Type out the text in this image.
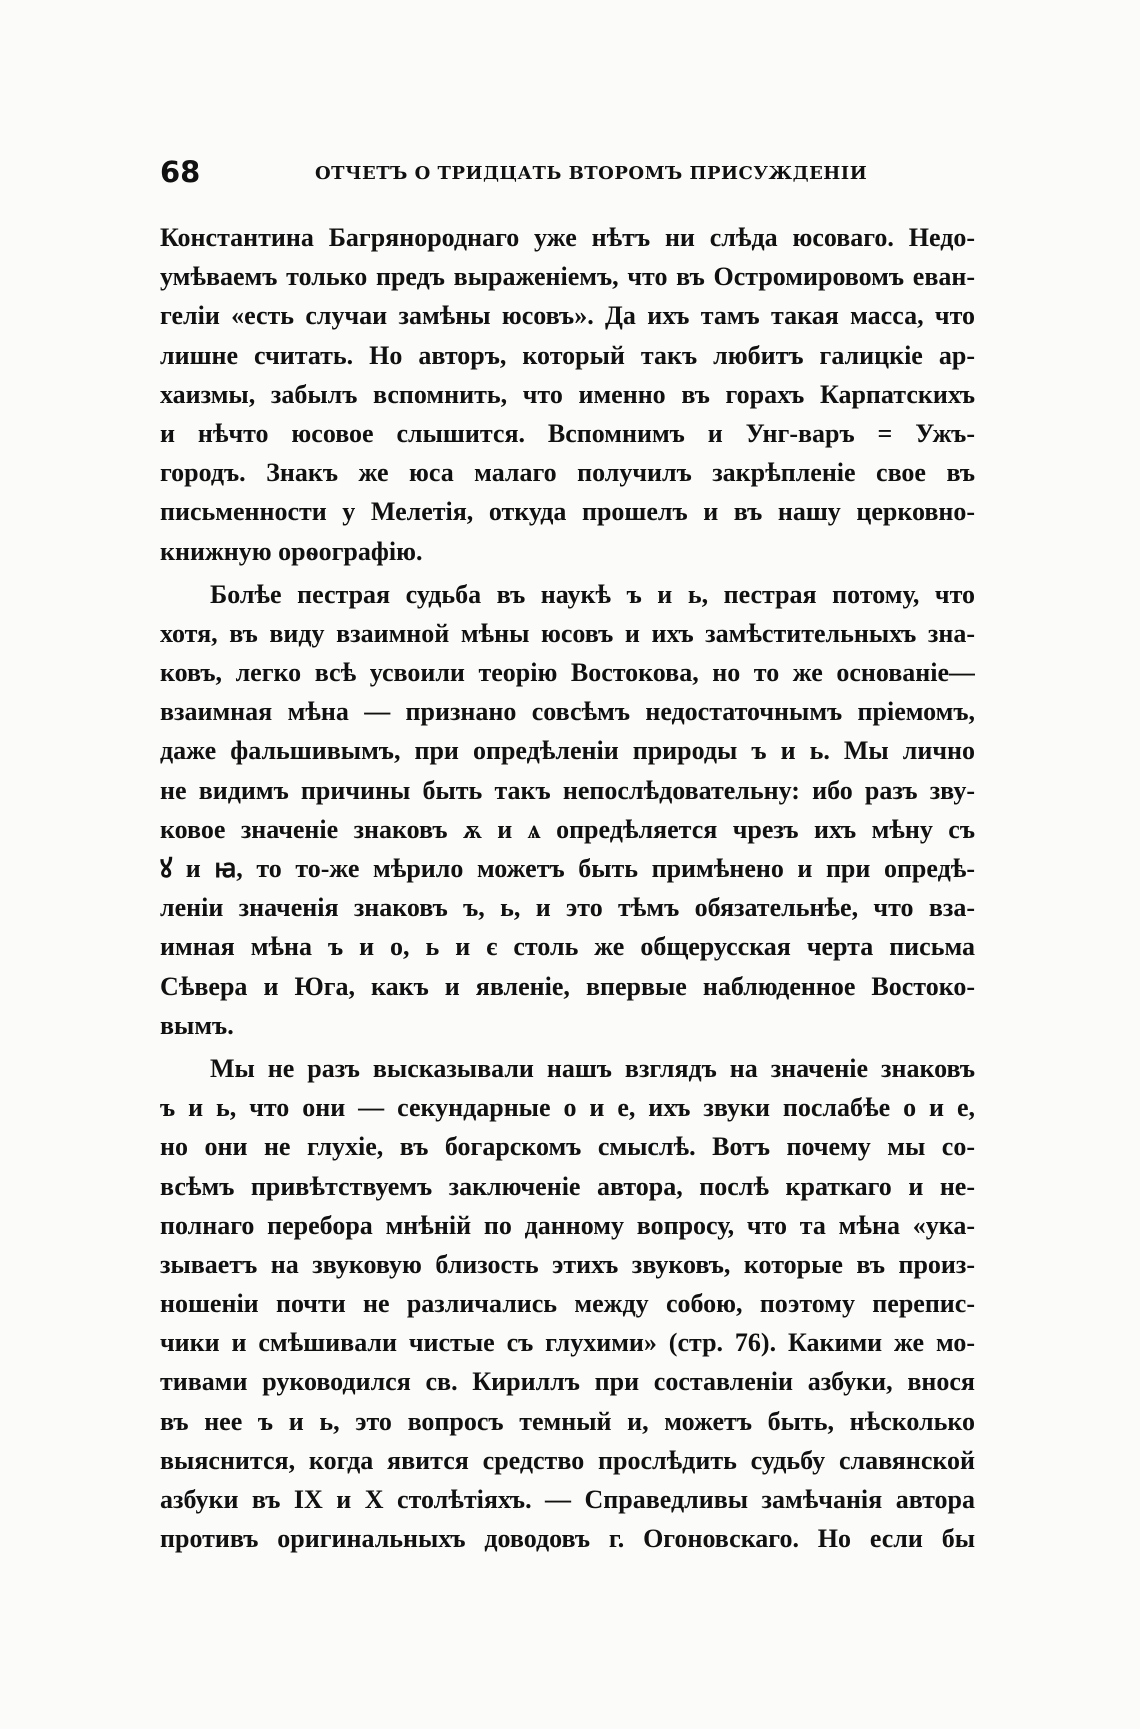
68	ОТЧЕТЪ О ТРИДЦАТЬ ВТОРОМЪ ПРИСУЖДЕНІИ
Константина Багрянороднаго уже нѣтъ ни слѣда юсоваго. Недо-
умѣваемъ только предъ выраженіемъ, что въ Остромировомъ еван-
геліи «есть случаи замѣны юсовъ». Да ихъ тамъ такая масса, что
лишне считать. Но авторъ, который такъ любитъ галицкіе ар-
хаизмы, забылъ вспомнить, что именно въ горахъ Карпатскихъ
и нѣчто юсовое слышится. Вспомнимъ и Унг-варъ = Ужъ-
городъ. Знакъ же юса малаго получилъ закрѣпленіе свое въ
письменности у Мелетія, откуда прошелъ и въ нашу церковно-
книжную орѳографію.
Болѣе пестрая судьба въ наукѣ ъ и ь, пестрая потому, что
хотя, въ виду взаимной мѣны юсовъ и ихъ замѣстительныхъ зна-
ковъ, легко всѣ усвоили теорію Востокова, но то же основаніе—
взаимная мѣна — признано совсѣмъ недостаточнымъ пріемомъ,
даже фальшивымъ, при опредѣленіи природы ъ и ь. Мы лично
не видимъ причины быть такъ непослѣдовательну: ибо разъ зву-
ковое значеніе знаковъ ѫ и ѧ опредѣляется чрезъ ихъ мѣну съ
ꙋ и ꙗ, то то-же мѣрило можетъ быть примѣнено и при опредѣ-
леніи значенія знаковъ ъ, ь, и это тѣмъ обязательнѣе, что вза-
имная мѣна ъ и о, ь и є столь же общерусская черта письма
Сѣвера и Юга, какъ и явленіе, впервые наблюденное Востоко-
вымъ.
Мы не разъ высказывали нашъ взглядъ на значеніе знаковъ
ъ и ь, что они — секундарные о и е, ихъ звуки послабѣе о и е,
но они не глухіе, въ богарскомъ смыслѣ. Вотъ почему мы со-
всѣмъ привѣтствуемъ заключеніе автора, послѣ краткаго и не-
полнаго перебора мнѣній по данному вопросу, что та мѣна «ука-
зываетъ на звуковую близость этихъ звуковъ, которые въ произ-
ношеніи почти не различались между собою, поэтому перепис-
чики и смѣшивали чистые съ глухими» (стр. 76). Какими же мо-
тивами руководился св. Кириллъ при составленіи азбуки, внося
въ нее ъ и ь, это вопросъ темный и, можетъ быть, нѣсколько
выяснится, когда явится средство прослѣдить судьбу славянской
азбуки въ IX и X столѣтіяхъ. — Справедливы замѣчанія автора
противъ оригинальныхъ доводовъ г. Огоновскаго. Но если бы
